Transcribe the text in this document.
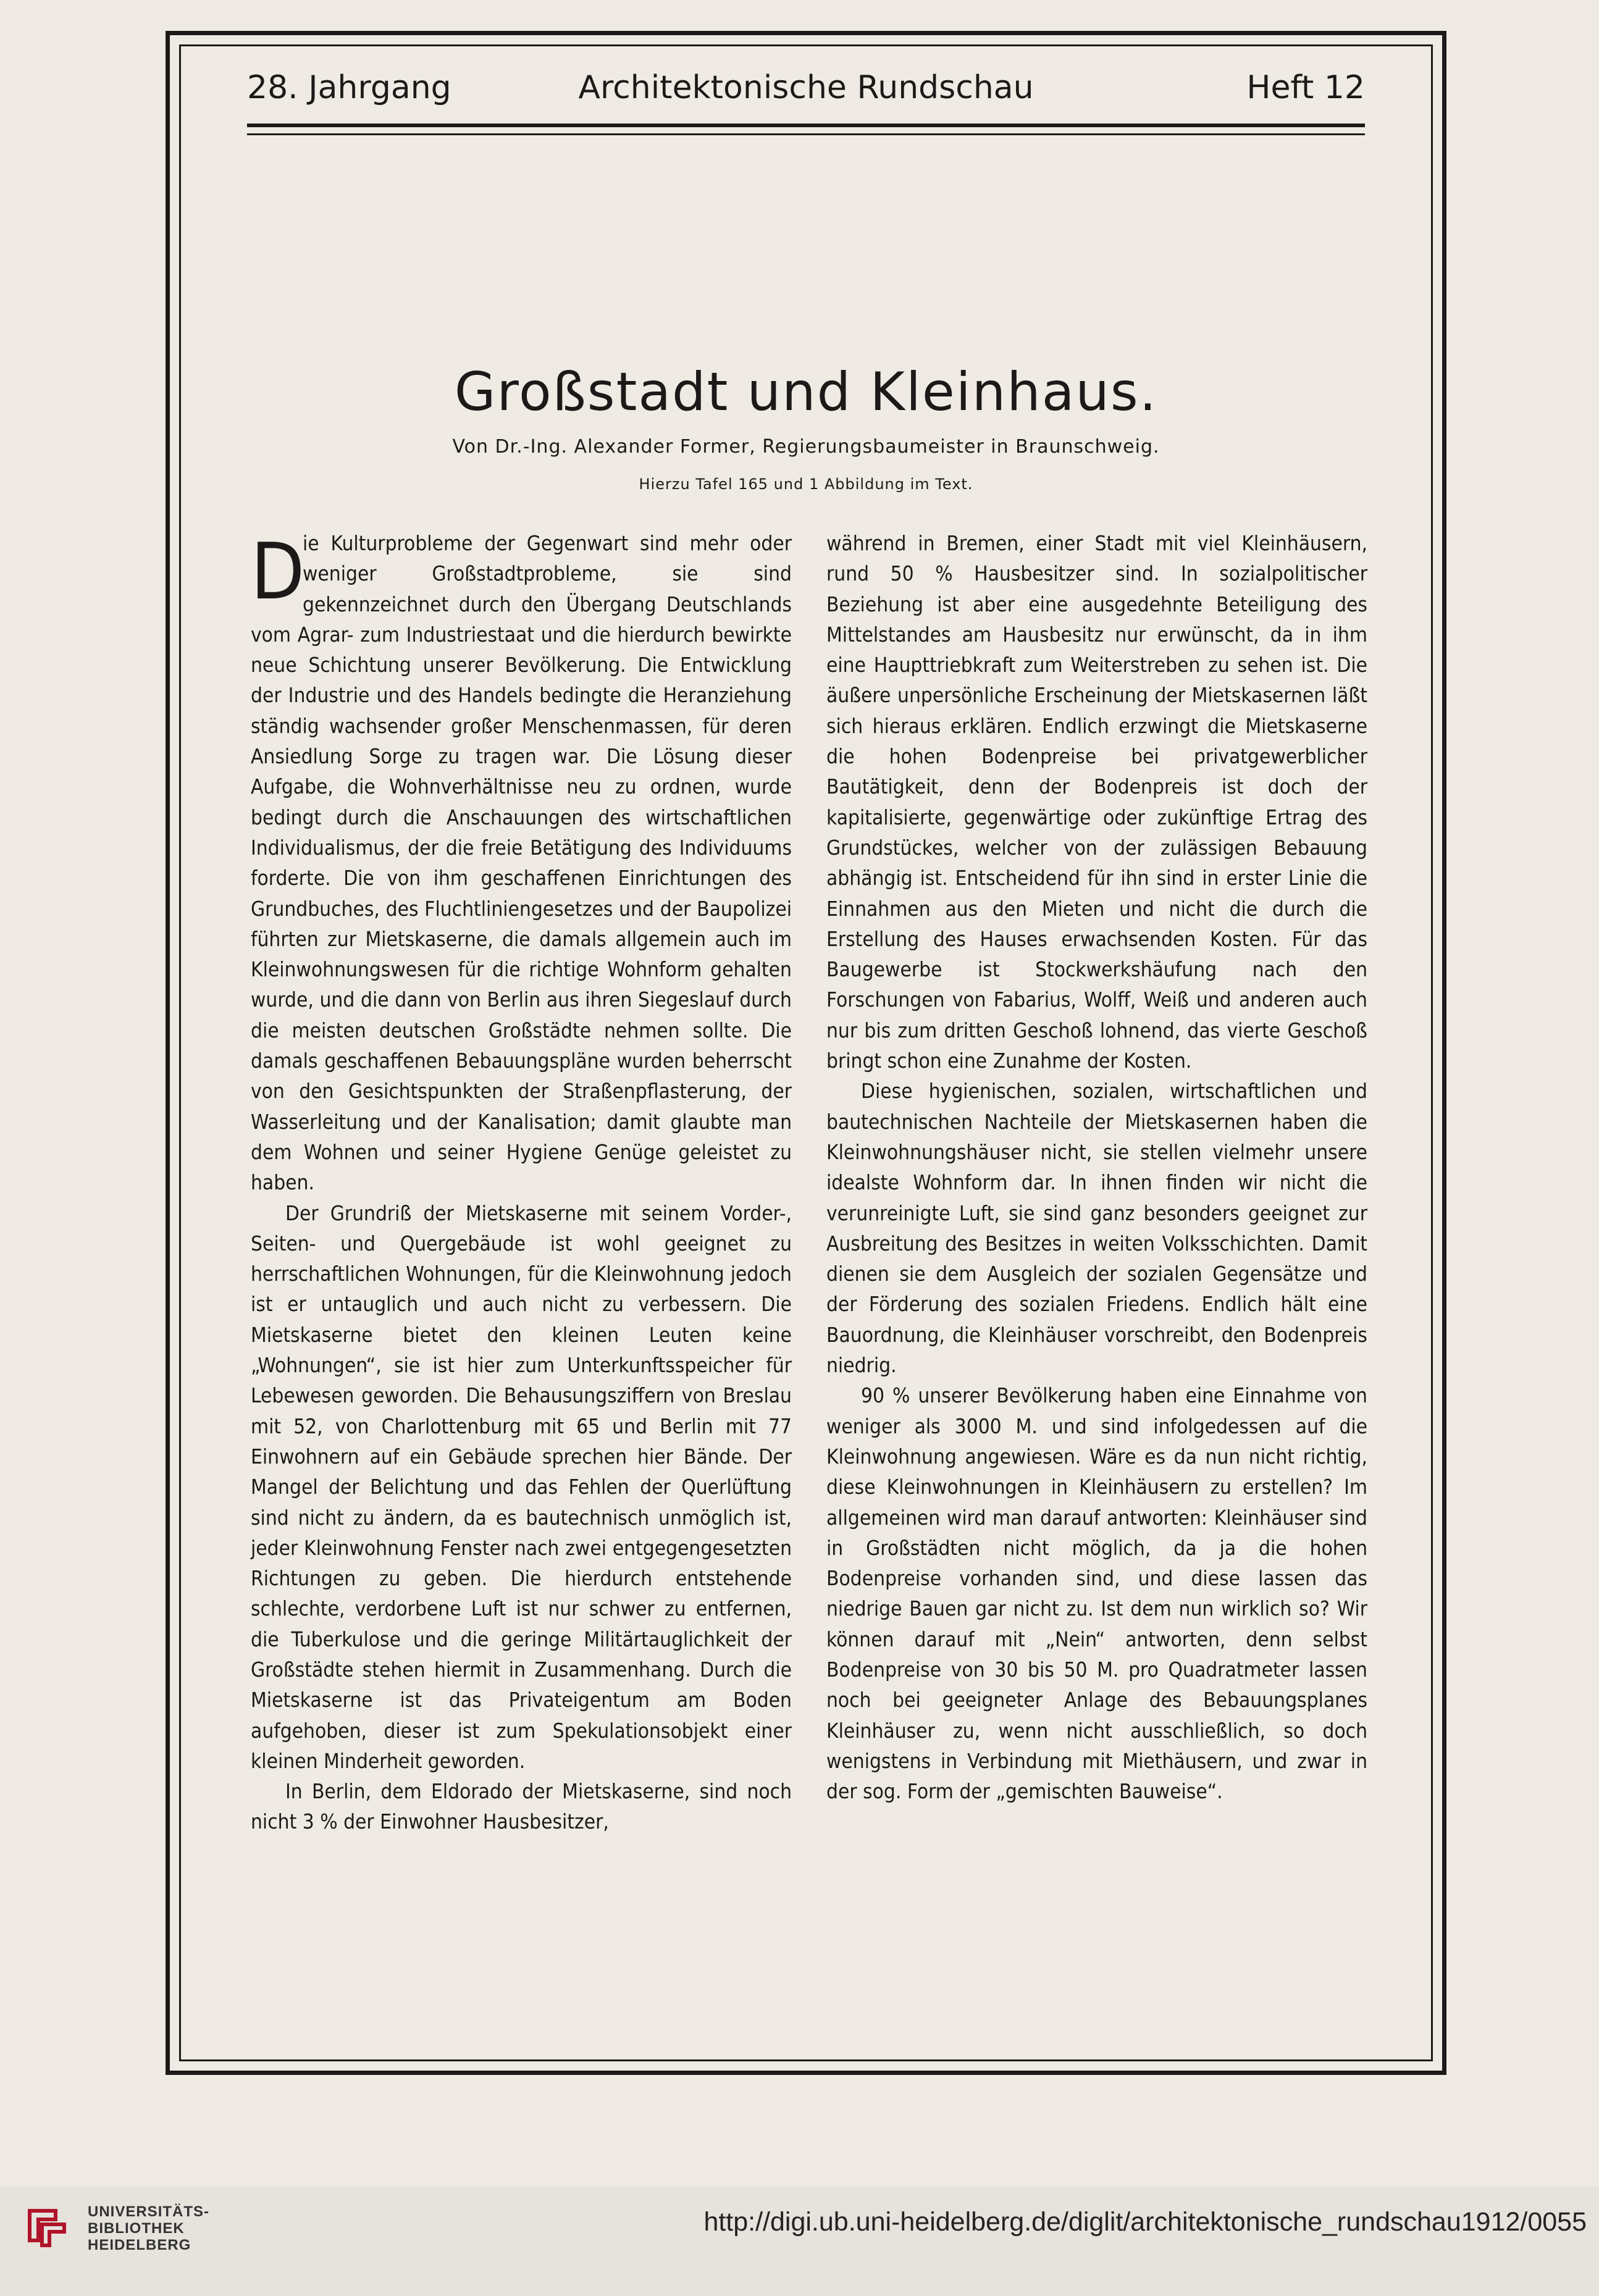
28. Jahrgang	Architektonische Rundschau	Heft 12
Großstadt und Kleinhaus.
Von Dr.-Ing. Alexander Former, Regierungsbaumeister in Braunschweig.
Hierzu Tafel 165 und 1 Abbildung im Text.

D
ie Kulturprobleme der Gegenwart sind mehr oder weniger Großstadtprobleme, sie sind gekennzeichnet durch den Übergang Deutschlands vom Agrar- zum Industriestaat und die hierdurch bewirkte neue Schichtung unserer Bevölkerung. Die Entwicklung der Industrie und des Handels bedingte die Heranziehung ständig wachsender großer Menschenmassen, für deren Ansiedlung Sorge zu tragen war. Die Lösung dieser Aufgabe, die Wohnverhältnisse neu zu ordnen, wurde bedingt durch die Anschauungen des wirtschaftlichen Individualismus, der die freie Betätigung des Individuums forderte. Die von ihm geschaffenen Einrichtungen des Grundbuches, des Fluchtliniengesetzes und der Baupolizei führten zur Mietskaserne, die damals allgemein auch im Kleinwohnungswesen für die richtige Wohnform gehalten wurde, und die dann von Berlin aus ihren Siegeslauf durch die meisten deutschen Großstädte nehmen sollte. Die damals geschaffenen Bebauungspläne wurden beherrscht von den Gesichtspunkten der Straßenpflasterung, der Wasserleitung und der Kanalisation; damit glaubte man dem Wohnen und seiner Hygiene Genüge geleistet zu haben.

Der Grundriß der Mietskaserne mit seinem Vorder-, Seiten- und Quergebäude ist wohl geeignet zu herrschaftlichen Wohnungen, für die Kleinwohnung jedoch ist er untauglich und auch nicht zu verbessern. Die Mietskaserne bietet den kleinen Leuten keine „Wohnungen“, sie ist hier zum Unterkunftsspeicher für Lebewesen geworden. Die Behausungsziffern von Breslau mit 52, von Charlottenburg mit 65 und Berlin mit 77 Einwohnern auf ein Gebäude sprechen hier Bände. Der Mangel der Belichtung und das Fehlen der Querlüftung sind nicht zu ändern, da es bautechnisch unmöglich ist, jeder Kleinwohnung Fenster nach zwei entgegengesetzten Richtungen zu geben. Die hierdurch entstehende schlechte, verdorbene Luft ist nur schwer zu entfernen, die Tuberkulose und die geringe Militärtauglichkeit der Großstädte stehen hiermit in Zusammenhang. Durch die Mietskaserne ist das Privateigentum am Boden aufgehoben, dieser ist zum Spekulationsobjekt einer kleinen Minderheit geworden.

In Berlin, dem Eldorado der Mietskaserne, sind noch nicht 3 % der Einwohner Hausbesitzer,

während in Bremen, einer Stadt mit viel Kleinhäusern, rund 50 % Hausbesitzer sind. In sozialpolitischer Beziehung ist aber eine ausgedehnte Beteiligung des Mittelstandes am Hausbesitz nur erwünscht, da in ihm eine Haupttriebkraft zum Weiterstreben zu sehen ist. Die äußere unpersönliche Erscheinung der Mietskasernen läßt sich hieraus erklären. Endlich erzwingt die Mietskaserne die hohen Bodenpreise bei privatgewerblicher Bautätigkeit, denn der Bodenpreis ist doch der kapitalisierte, gegenwärtige oder zukünftige Ertrag des Grundstückes, welcher von der zulässigen Bebauung abhängig ist. Entscheidend für ihn sind in erster Linie die Einnahmen aus den Mieten und nicht die durch die Erstellung des Hauses erwachsenden Kosten. Für das Baugewerbe ist Stockwerkshäufung nach den Forschungen von Fabarius, Wolff, Weiß und anderen auch nur bis zum dritten Geschoß lohnend, das vierte Geschoß bringt schon eine Zunahme der Kosten.

Diese hygienischen, sozialen, wirtschaftlichen und bautechnischen Nachteile der Mietskasernen haben die Kleinwohnungshäuser nicht, sie stellen vielmehr unsere idealste Wohnform dar. In ihnen finden wir nicht die verunreinigte Luft, sie sind ganz besonders geeignet zur Ausbreitung des Besitzes in weiten Volksschichten. Damit dienen sie dem Ausgleich der sozialen Gegensätze und der Förderung des sozialen Friedens. Endlich hält eine Bauordnung, die Kleinhäuser vorschreibt, den Bodenpreis niedrig.

90 % unserer Bevölkerung haben eine Einnahme von weniger als 3000 M. und sind infolgedessen auf die Kleinwohnung angewiesen. Wäre es da nun nicht richtig, diese Kleinwohnungen in Kleinhäusern zu erstellen? Im allgemeinen wird man darauf antworten: Kleinhäuser sind in Großstädten nicht möglich, da ja die hohen Bodenpreise vorhanden sind, und diese lassen das niedrige Bauen gar nicht zu. Ist dem nun wirklich so? Wir können darauf mit „Nein“ antworten, denn selbst Bodenpreise von 30 bis 50 M. pro Quadratmeter lassen noch bei geeigneter Anlage des Bebauungsplanes Kleinhäuser zu, wenn nicht ausschließlich, so doch wenigstens in Verbindung mit Miethäusern, und zwar in der sog. Form der „gemischten Bauweise“.

UNIVERSITÄTS-
BIBLIOTHEK
HEIDELBERG
http://digi.ub.uni-heidelberg.de/diglit/architektonische_rundschau1912/0055
